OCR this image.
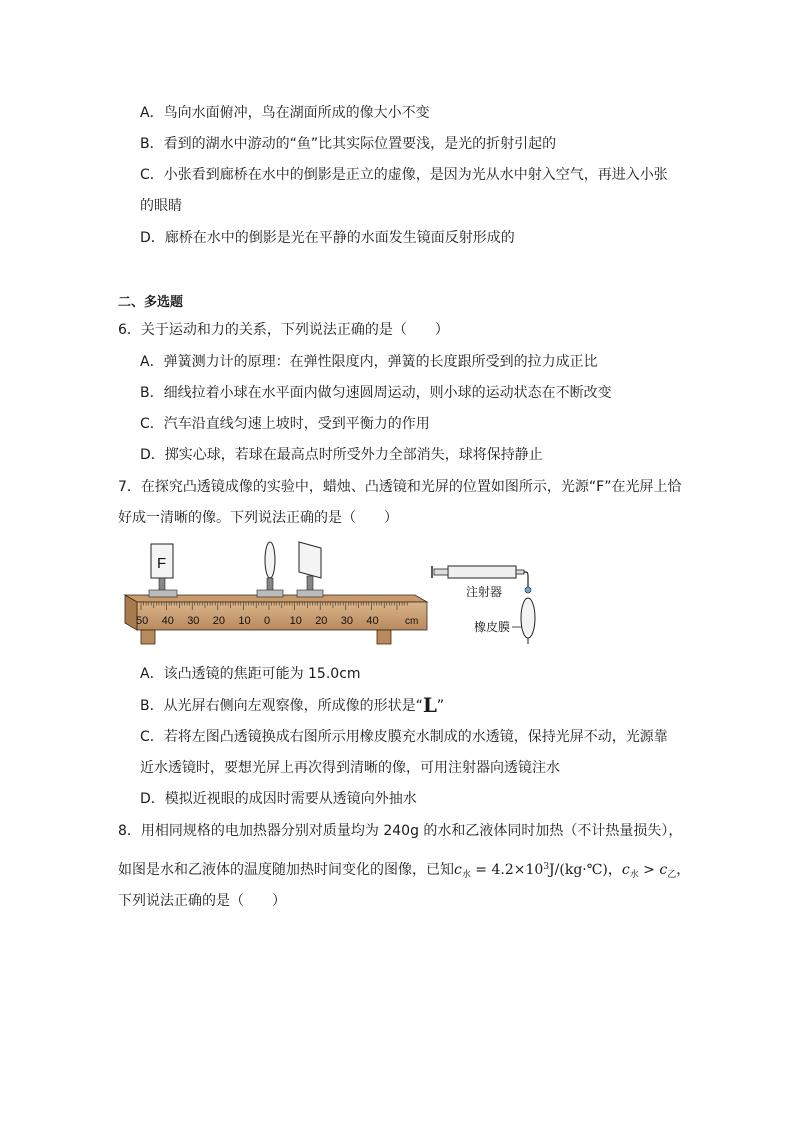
A．鸟向水面俯冲，鸟在湖面所成的像大小不变
B．看到的湖水中游动的“鱼”比其实际位置要浅，是光的折射引起的
C．小张看到廊桥在水中的倒影是正立的虚像，是因为光从水中射入空气，再进入小张
的眼睛
D．廊桥在水中的倒影是光在平静的水面发生镜面反射形成的
二、多选题
6．关于运动和力的关系，下列说法正确的是（　　）
A．弹簧测力计的原理：在弹性限度内，弹簧的长度跟所受到的拉力成正比
B．细线拉着小球在水平面内做匀速圆周运动，则小球的运动状态在不断改变
C．汽车沿直线匀速上坡时，受到平衡力的作用
D．掷实心球，若球在最高点时所受外力全部消失，球将保持静止
7．在探究凸透镜成像的实验中，蜡烛、凸透镜和光屏的位置如图所示，光源“F”在光屏上恰
好成一清晰的像。下列说法正确的是（　　）
50 40 30 20 10 0 10 20 30 40	cm
F
注射器
橡皮膜
A．该凸透镜的焦距可能为 15.0cm
B．从光屏右侧向左观察像，所成像的形状是“L”
C．若将左图凸透镜换成右图所示用橡皮膜充水制成的水透镜，保持光屏不动，光源靠
近水透镜时，要想光屏上再次得到清晰的像，可用注射器向透镜注水
D．模拟近视眼的成因时需要从透镜向外抽水
8．用相同规格的电加热器分别对质量均为 240g 的水和乙液体同时加热（不计热量损失），
如图是水和乙液体的温度随加热时间变化的图像，已知$c_水$ = $4.2\times 10^3J/(kg\cdot℃)$，$c_水 > c_乙$，
下列说法正确的是（　　）
